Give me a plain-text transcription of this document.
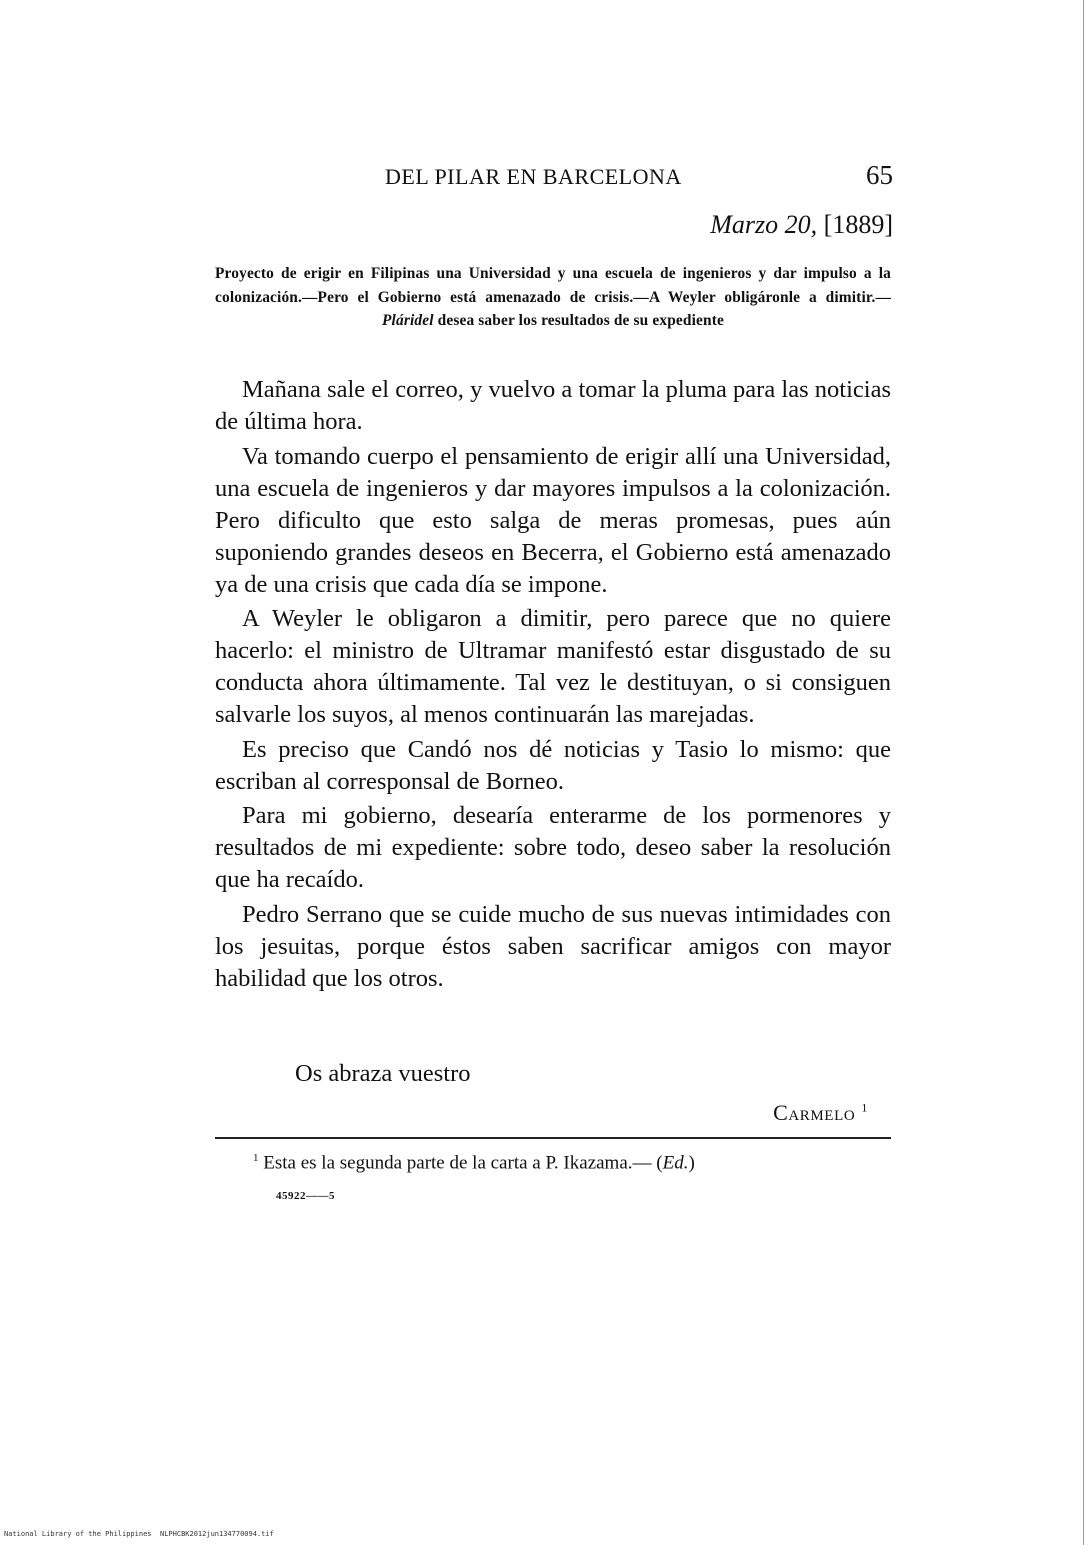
DEL PILAR EN BARCELONA	65
Marzo 20, [1889]
Proyecto de erigir en Filipinas una Universidad y una escuela de ingenieros y dar impulso a la colonización.—Pero el Gobierno está amenazado de crisis.—A Weyler obligáronle a dimitir.—Pláridel desea saber los resultados de su expediente

Mañana sale el correo, y vuelvo a tomar la pluma para las noticias de última hora.

Va tomando cuerpo el pensamiento de erigir allí una Universidad, una escuela de ingenieros y dar mayores impulsos a la colonización. Pero dificulto que esto salga de meras promesas, pues aún suponiendo grandes deseos en Becerra, el Gobierno está amenazado ya de una crisis que cada día se impone.

A Weyler le obligaron a dimitir, pero parece que no quiere hacerlo: el ministro de Ultramar manifestó estar disgustado de su conducta ahora últimamente. Tal vez le destituyan, o si consiguen salvarle los suyos, al menos continuarán las marejadas.

Es preciso que Candó nos dé noticias y Tasio lo mismo: que escriban al corresponsal de Borneo.

Para mi gobierno, desearía enterarme de los pormenores y resultados de mi expediente: sobre todo, deseo saber la resolución que ha recaído.

Pedro Serrano que se cuide mucho de sus nuevas intimidades con los jesuitas, porque éstos saben sacrificar amigos con mayor habilidad que los otros.

Os abraza vuestro
Carmelo $^1$
$^1$ Esta es la segunda parte de la carta a P. Ikazama.— (Ed.)
45922——5
National Library of the Philippines NLPHCBK2012jun134770094.tif
